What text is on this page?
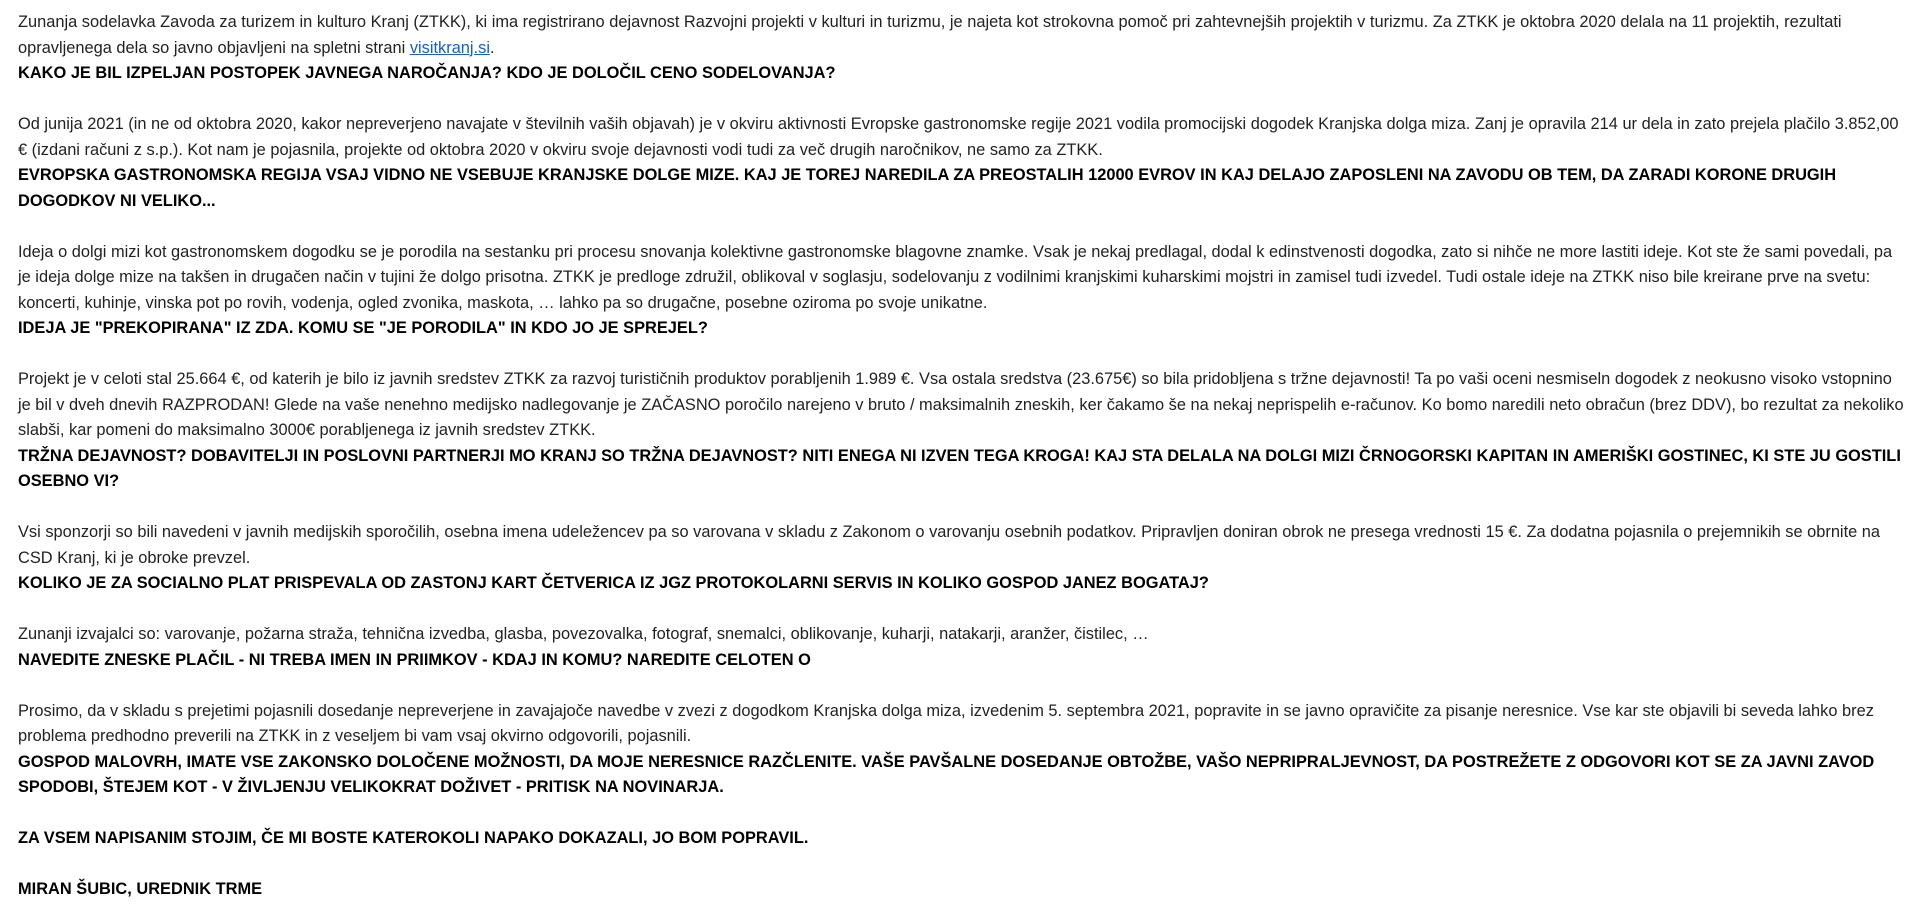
Zunanja sodelavka Zavoda za turizem in kulturo Kranj (ZTKK), ki ima registrirano dejavnost Razvojni projekti v kulturi in turizmu, je najeta kot strokovna pomoč pri zahtevnejših projektih v turizmu. Za ZTKK je oktobra 2020 delala na 11 projektih, rezultati opravljenega dela so javno objavljeni na spletni strani visitkranj.si.

KAKO JE BIL IZPELJAN POSTOPEK JAVNEGA NAROČANJA? KDO JE DOLOČIL CENO SODELOVANJA?

Od junija 2021 (in ne od oktobra 2020, kakor nepreverjeno navajate v številnih vaših objavah) je v okviru aktivnosti Evropske gastronomske regije 2021 vodila promocijski dogodek Kranjska dolga miza. Zanj je opravila 214 ur dela in zato prejela plačilo 3.852,00 € (izdani računi z s.p.). Kot nam je pojasnila, projekte od oktobra 2020 v okviru svoje dejavnosti vodi tudi za več drugih naročnikov, ne samo za ZTKK.

EVROPSKA GASTRONOMSKA REGIJA VSAJ VIDNO NE VSEBUJE KRANJSKE DOLGE MIZE. KAJ JE TOREJ NAREDILA ZA PREOSTALIH 12000 EVROV IN KAJ DELAJO ZAPOSLENI NA ZAVODU OB TEM, DA ZARADI KORONE DRUGIH DOGODKOV NI VELIKO...

Ideja o dolgi mizi kot gastronomskem dogodku se je porodila na sestanku pri procesu snovanja kolektivne gastronomske blagovne znamke. Vsak je nekaj predlagal, dodal k edinstvenosti dogodka, zato si nihče ne more lastiti ideje. Kot ste že sami povedali, pa je ideja dolge mize na takšen in drugačen način v tujini že dolgo prisotna. ZTKK je predloge združil, oblikoval v soglasju, sodelovanju z vodilnimi kranjskimi kuharskimi mojstri in zamisel tudi izvedel. Tudi ostale ideje na ZTKK niso bile kreirane prve na svetu: koncerti, kuhinje, vinska pot po rovih, vodenja, ogled zvonika, maskota, … lahko pa so drugačne, posebne oziroma po svoje unikatne.

IDEJA JE "PREKOPIRANA" IZ ZDA. KOMU SE "JE PORODILA" IN KDO JO JE SPREJEL?

Projekt je v celoti stal 25.664 €, od katerih je bilo iz javnih sredstev ZTKK za razvoj turističnih produktov porabljenih 1.989 €. Vsa ostala sredstva (23.675€) so bila pridobljena s tržne dejavnosti! Ta po vaši oceni nesmiseln dogodek z neokusno visoko vstopnino je bil v dveh dnevih RAZPRODAN! Glede na vaše nenehno medijsko nadlegovanje je ZAČASNO poročilo narejeno v bruto / maksimalnih zneskih, ker čakamo še na nekaj neprispelih e-računov. Ko bomo naredili neto obračun (brez DDV), bo rezultat za nekoliko slabši, kar pomeni do maksimalno 3000€ porabljenega iz javnih sredstev ZTKK.

TRŽNA DEJAVNOST? DOBAVITELJI IN POSLOVNI PARTNERJI MO KRANJ SO TRŽNA DEJAVNOST? NITI ENEGA NI IZVEN TEGA KROGA! KAJ STA DELALA NA DOLGI MIZI ČRNOGORSKI KAPITAN IN AMERIŠKI GOSTINEC, KI STE JU GOSTILI OSEBNO VI?

Vsi sponzorji so bili navedeni v javnih medijskih sporočilih, osebna imena udeležencev pa so varovana v skladu z Zakonom o varovanju osebnih podatkov. Pripravljen doniran obrok ne presega vrednosti 15 €. Za dodatna pojasnila o prejemnikih se obrnite na CSD Kranj, ki je obroke prevzel.

KOLIKO JE ZA SOCIALNO PLAT PRISPEVALA OD ZASTONJ KART ČETVERICA IZ JGZ PROTOKOLARNI SERVIS IN KOLIKO GOSPOD JANEZ BOGATAJ?

Zunanji izvajalci so: varovanje, požarna straža, tehnična izvedba, glasba, povezovalka, fotograf, snemalci, oblikovanje, kuharji, natakarji, aranžer, čistilec, …

NAVEDITE ZNESKE PLAČIL - NI TREBA IMEN IN PRIIMKOV - KDAJ IN KOMU? NAREDITE CELOTEN O

Prosimo, da v skladu s prejetimi pojasnili dosedanje nepreverjene in zavajajoče navedbe v zvezi z dogodkom Kranjska dolga miza, izvedenim 5. septembra 2021, popravite in se javno opravičite za pisanje neresnice. Vse kar ste objavili bi seveda lahko brez problema predhodno preverili na ZTKK in z veseljem bi vam vsaj okvirno odgovorili, pojasnili.

GOSPOD MALOVRH, IMATE VSE ZAKONSKO DOLOČENE MOŽNOSTI, DA MOJE NERESNICE RAZČLENITE. VAŠE PAVŠALNE DOSEDANJE OBTOŽBE, VAŠO NEPRIPRALJEVNOST, DA POSTREŽETE Z ODGOVORI KOT SE ZA JAVNI ZAVOD SPODOBI, ŠTEJEM KOT - V ŽIVLJENJU VELIKOKRAT DOŽIVET - PRITISK NA NOVINARJA.

ZA VSEM NAPISANIM STOJIM, ČE MI BOSTE KATEROKOLI NAPAKO DOKAZALI, JO BOM POPRAVIL.

MIRAN ŠUBIC, UREDNIK TRME
